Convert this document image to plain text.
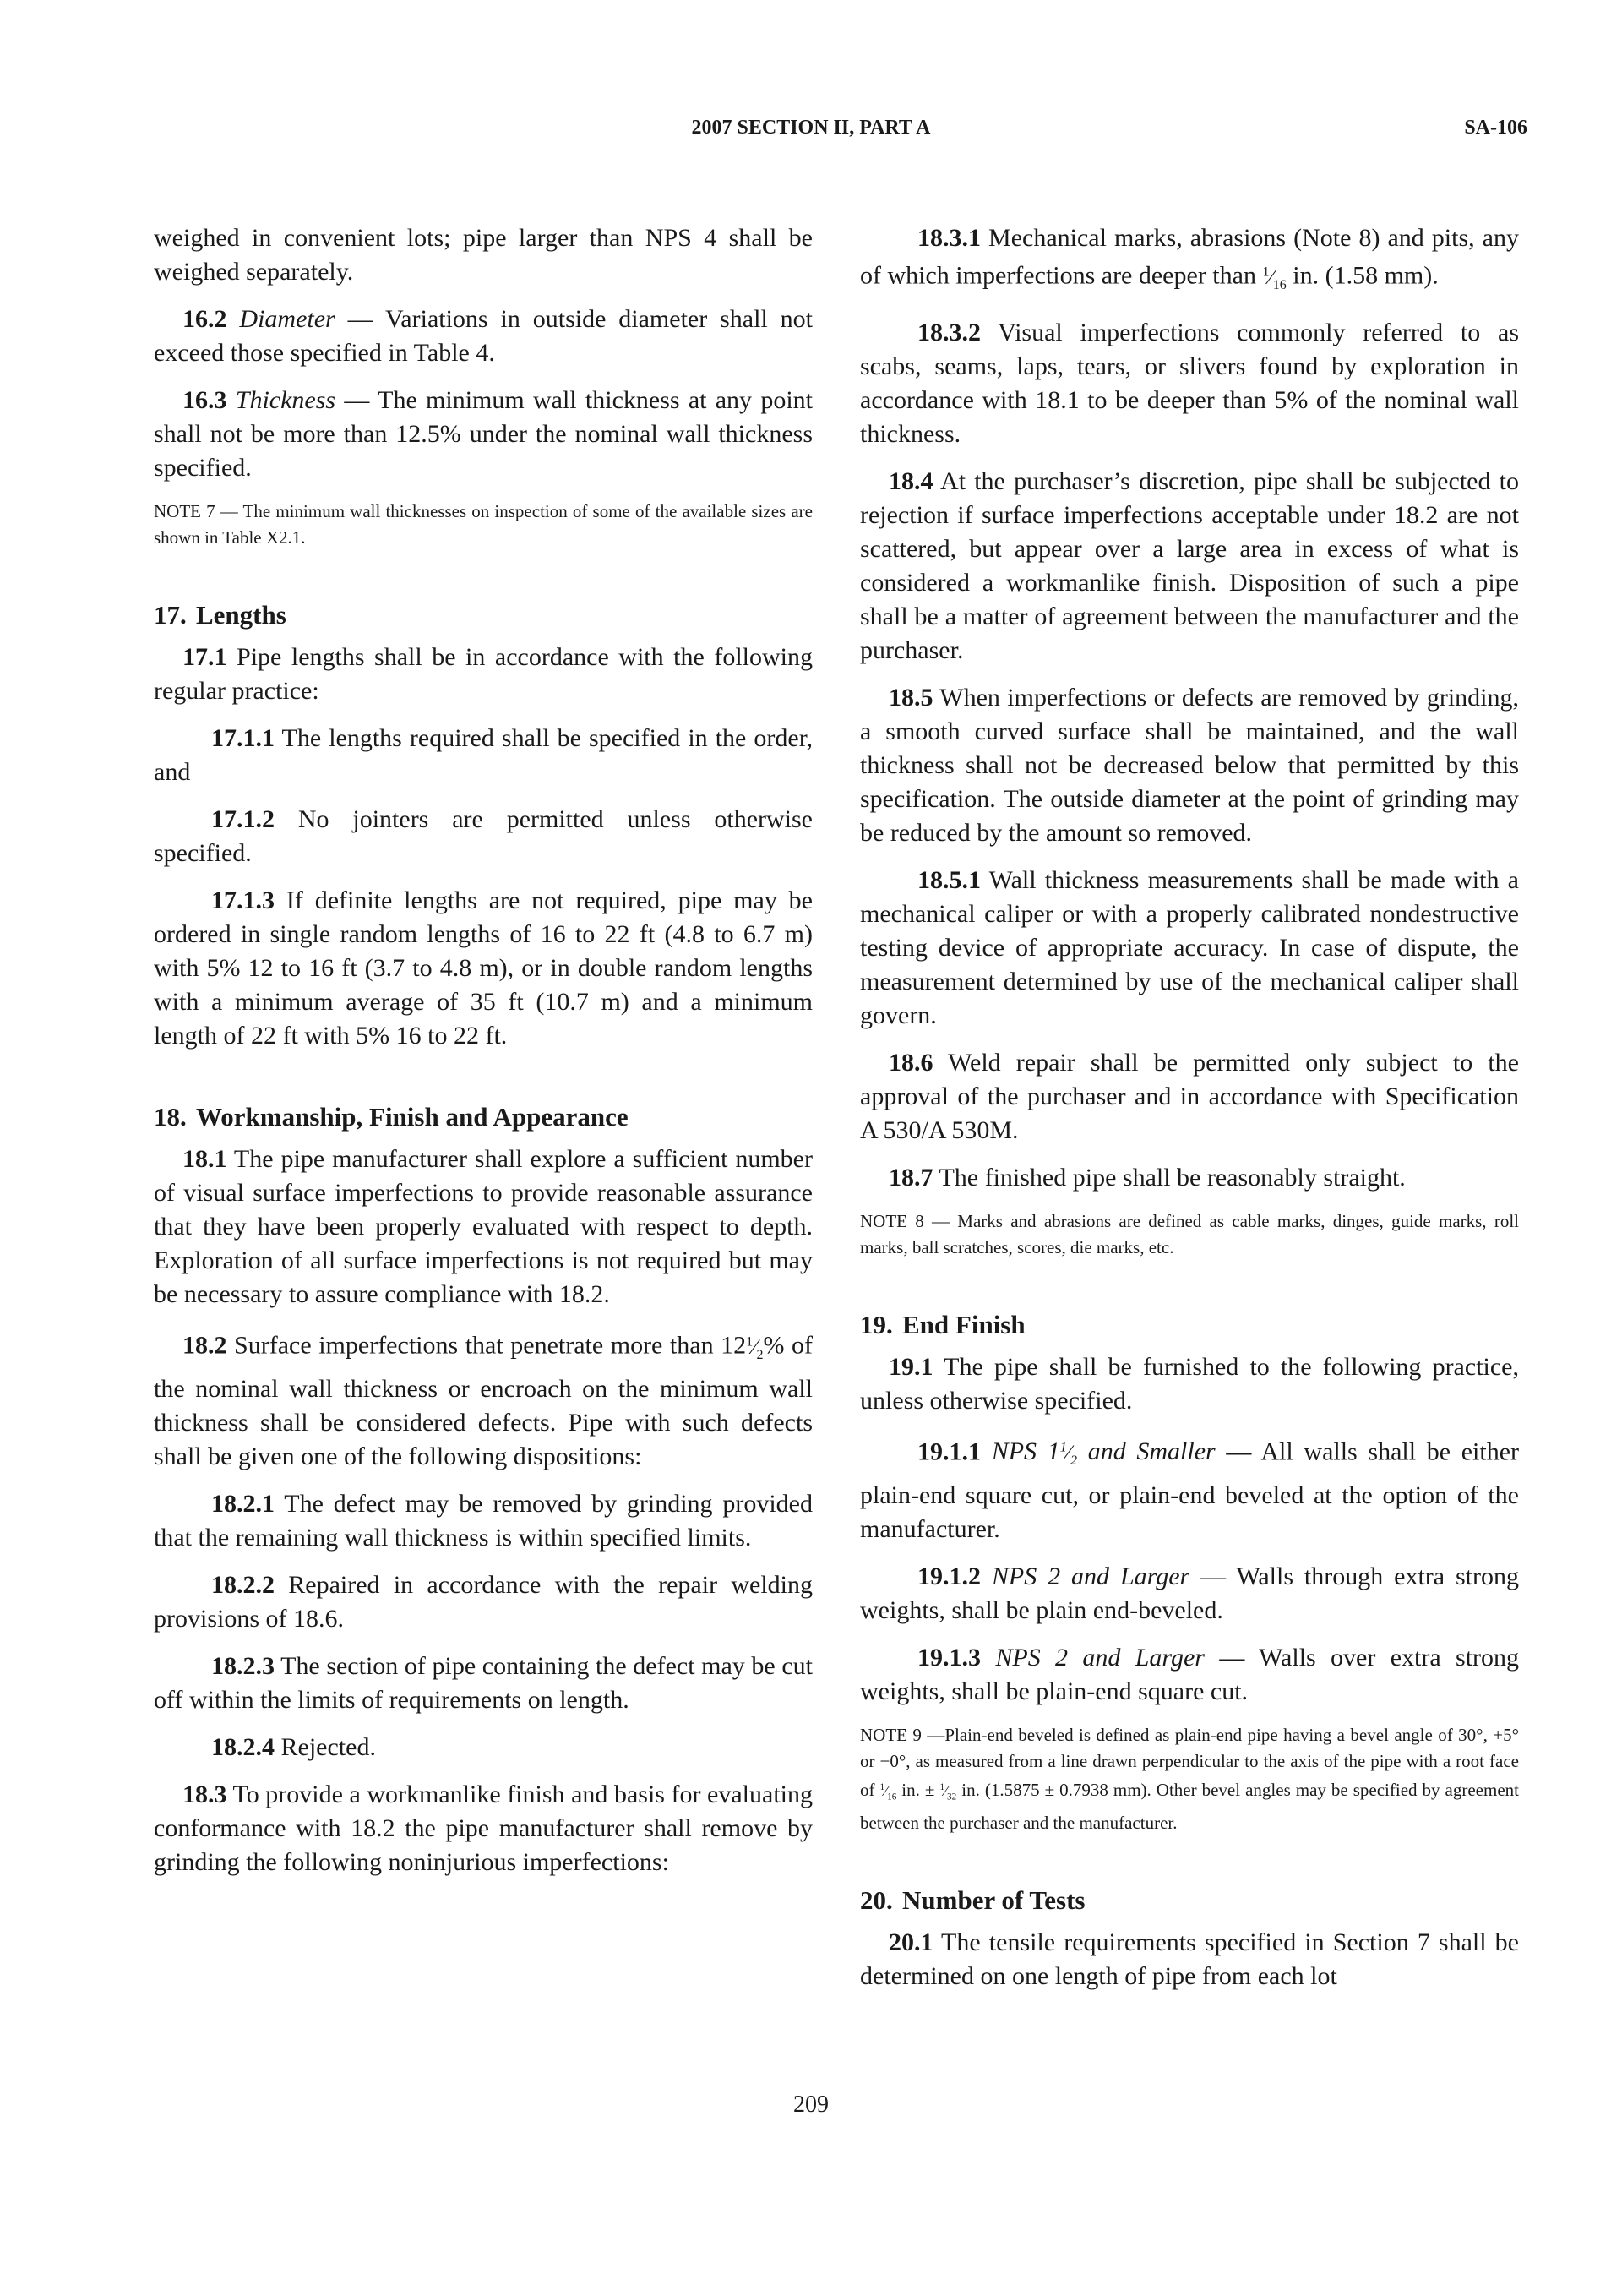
2007 SECTION II, PART A	SA-106

weighed in convenient lots; pipe larger than NPS 4 shall be weighed separately.

16.2 Diameter — Variations in outside diameter shall not exceed those specified in Table 4.

16.3 Thickness — The minimum wall thickness at any point shall not be more than 12.5% under the nominal wall thickness specified.

NOTE 7 — The minimum wall thicknesses on inspection of some of the available sizes are shown in Table X2.1.
17. Lengths

17.1 Pipe lengths shall be in accordance with the following regular practice:

17.1.1 The lengths required shall be specified in the order, and

17.1.2 No jointers are permitted unless otherwise specified.

17.1.3 If definite lengths are not required, pipe may be ordered in single random lengths of 16 to 22 ft (4.8 to 6.7 m) with 5% 12 to 16 ft (3.7 to 4.8 m), or in double random lengths with a minimum average of 35 ft (10.7 m) and a minimum length of 22 ft with 5% 16 to 22 ft.

18. Workmanship, Finish and Appearance

18.1 The pipe manufacturer shall explore a sufficient number of visual surface imperfections to provide reasonable assurance that they have been properly evaluated with respect to depth. Exploration of all surface imperfections is not required but may be necessary to assure compliance with 18.2.

18.2 Surface imperfections that penetrate more than $12^1⁄_2\%$ of the nominal wall thickness or encroach on the minimum wall thickness shall be considered defects. Pipe with such defects shall be given one of the following dispositions:

18.2.1 The defect may be removed by grinding provided that the remaining wall thickness is within specified limits.

18.2.2 Repaired in accordance with the repair welding provisions of 18.6.

18.2.3 The section of pipe containing the defect may be cut off within the limits of requirements on length.

18.2.4 Rejected.

18.3 To provide a workmanlike finish and basis for evaluating conformance with 18.2 the pipe manufacturer shall remove by grinding the following noninjurious imperfections:

18.3.1 Mechanical marks, abrasions (Note 8) and pits, any of which imperfections are deeper than $^1⁄_{16}$ in. (1.58 mm).

18.3.2 Visual imperfections commonly referred to as scabs, seams, laps, tears, or slivers found by exploration in accordance with 18.1 to be deeper than 5% of the nominal wall thickness.

18.4 At the purchaser’s discretion, pipe shall be subjected to rejection if surface imperfections acceptable under 18.2 are not scattered, but appear over a large area in excess of what is considered a workmanlike finish. Disposition of such a pipe shall be a matter of agreement between the manufacturer and the purchaser.

18.5 When imperfections or defects are removed by grinding, a smooth curved surface shall be maintained, and the wall thickness shall not be decreased below that permitted by this specification. The outside diameter at the point of grinding may be reduced by the amount so removed.

18.5.1 Wall thickness measurements shall be made with a mechanical caliper or with a properly calibrated nondestructive testing device of appropriate accuracy. In case of dispute, the measurement determined by use of the mechanical caliper shall govern.

18.6 Weld repair shall be permitted only subject to the approval of the purchaser and in accordance with Specification A 530/A 530M.

18.7 The finished pipe shall be reasonably straight.

NOTE 8 — Marks and abrasions are defined as cable marks, dinges, guide marks, roll marks, ball scratches, scores, die marks, etc.
19. End Finish

19.1 The pipe shall be furnished to the following practice, unless otherwise specified.

19.1.1 NPS $1^1⁄_2$ and Smaller — All walls shall be either plain-end square cut, or plain-end beveled at the option of the manufacturer.

19.1.2 NPS 2 and Larger — Walls through extra strong weights, shall be plain end-beveled.

19.1.3 NPS 2 and Larger — Walls over extra strong weights, shall be plain-end square cut.

NOTE 9 —Plain-end beveled is defined as plain-end pipe having a bevel angle of 30°, +5° or −0°, as measured from a line drawn perpendicular to the axis of the pipe with a root face of $^1⁄_{16}$ in. ± $^1⁄_{32}$ in. (1.5875 ± 0.7938 mm). Other bevel angles may be specified by agreement between the purchaser and the manufacturer.
20. Number of Tests

20.1 The tensile requirements specified in Section 7 shall be determined on one length of pipe from each lot

209
